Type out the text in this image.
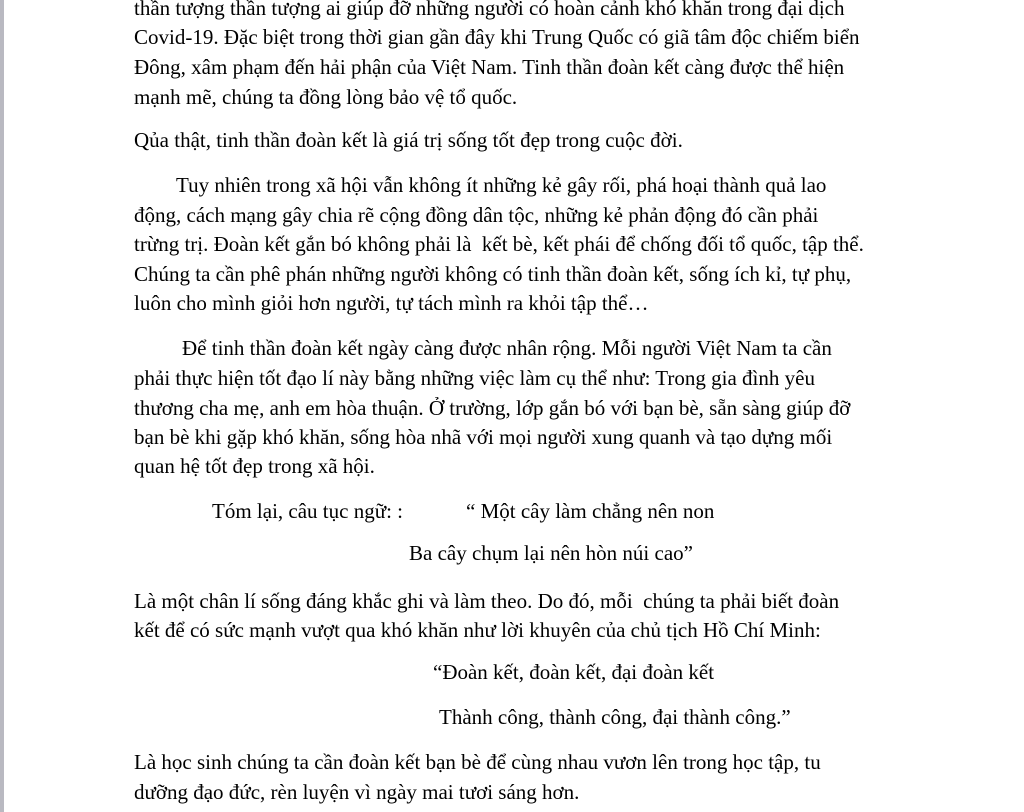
thần tượng thần tượng ai giúp đỡ những người có hoàn cảnh khó khăn trong đại dịch
Covid-19. Đặc biệt trong thời gian gần đây khi Trung Quốc có giã tâm độc chiếm biển
Đông, xâm phạm đến hải phận của Việt Nam. Tinh thần đoàn kết càng được thể hiện
mạnh mẽ, chúng ta đồng lòng bảo vệ tổ quốc.
Qủa thật, tinh thần đoàn kết là giá trị sống tốt đẹp trong cuộc đời.
Tuy nhiên trong xã hội vẫn không ít những kẻ gây rối, phá hoại thành quả lao
động, cách mạng gây chia rẽ cộng đồng dân tộc, những kẻ phản động đó cần phải
trừng trị. Đoàn kết gắn bó không phải là  kết bè, kết phái để chống đối tổ quốc, tập thể.
Chúng ta cần phê phán những người không có tinh thần đoàn kết, sống ích kỉ, tự phụ,
luôn cho mình giỏi hơn người, tự tách mình ra khỏi tập thể…
Để tinh thần đoàn kết ngày càng được nhân rộng. Mỗi người Việt Nam ta cần
phải thực hiện tốt đạo lí này bằng những việc làm cụ thể như: Trong gia đình yêu
thương cha mẹ, anh em hòa thuận. Ở trường, lớp gắn bó với bạn bè, sẵn sàng giúp đỡ
bạn bè khi gặp khó khăn, sống hòa nhã với mọi người xung quanh và tạo dựng mối
quan hệ tốt đẹp trong xã hội.
Tóm lại, câu tục ngữ: :	“ Một cây làm chẳng nên non
Ba cây chụm lại nên hòn núi cao”
Là một chân lí sống đáng khắc ghi và làm theo. Do đó, mỗi  chúng ta phải biết đoàn
kết để có sức mạnh vượt qua khó khăn như lời khuyên của chủ tịch Hồ Chí Minh:
“Đoàn kết, đoàn kết, đại đoàn kết
Thành công, thành công, đại thành công.”
Là học sinh chúng ta cần đoàn kết bạn bè để cùng nhau vươn lên trong học tập, tu
dưỡng đạo đức, rèn luyện vì ngày mai tươi sáng hơn.
